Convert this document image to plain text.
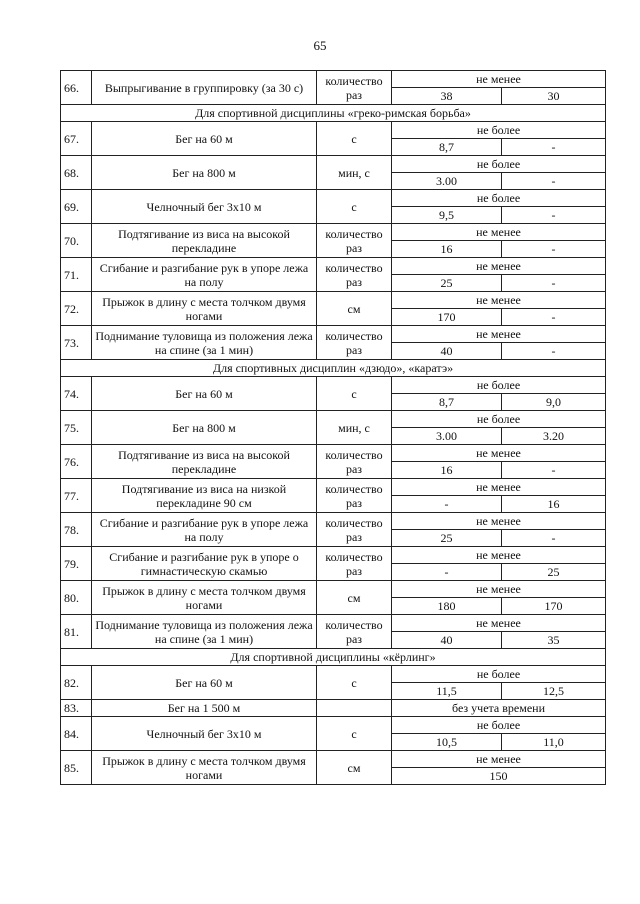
65
66.	Выпрыгивание в группировку (за 30 с)	количество раз	не менее	
			38	30
Для спортивной дисциплины «греко-римская борьба»				
67.	Бег на 60 м	с	не более	
			8,7	-
68.	Бег на 800 м	мин, с	не более	
			3.00	-
69.	Челночный бег 3х10 м	с	не более	
			9,5	-
70.	Подтягивание из виса на высокой перекладине	количество раз	не менее	
			16	-
71.	Сгибание и разгибание рук в упоре лежа на полу	количество раз	не менее	
			25	-
72.	Прыжок в длину с места толчком двумя ногами	см	не менее	
			170	-
73.	Поднимание туловища из положения лежа на спине (за 1 мин)	количество раз	не менее	
			40	-
Для спортивных дисциплин «дзюдо», «каратэ»				
74.	Бег на 60 м	с	не более	
			8,7	9,0
75.	Бег на 800 м	мин, с	не более	
			3.00	3.20
76.	Подтягивание из виса на высокой перекладине	количество раз	не менее	
			16	-
77.	Подтягивание из виса на низкой перекладине 90 см	количество раз	не менее	
			-	16
78.	Сгибание и разгибание рук в упоре лежа на полу	количество раз	не менее	
			25	-
79.	Сгибание и разгибание рук в упоре о гимнастическую скамью	количество раз	не менее	
			-	25
80.	Прыжок в длину с места толчком двумя ногами	см	не менее	
			180	170
81.	Поднимание туловища из положения лежа на спине (за 1 мин)	количество раз	не менее	
			40	35
Для спортивной дисциплины «кёрлинг»				
82.	Бег на 60 м	с	не более	
			11,5	12,5
83.	Бег на 1 500 м		без учета времени	
84.	Челночный бег 3х10 м	с	не более	
			10,5	11,0
85.	Прыжок в длину с места толчком двумя ногами	см	не менее	
			150	
